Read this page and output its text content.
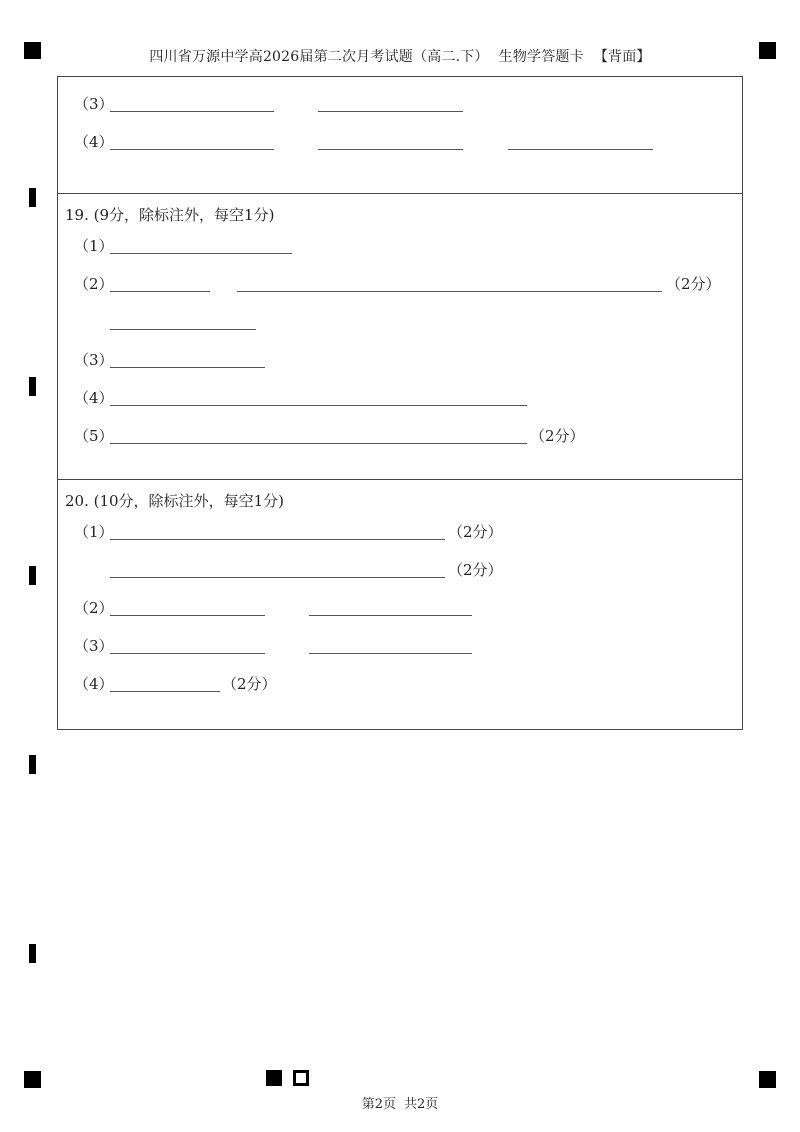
四川省万源中学高2026届第二次月考试题（高二.下） 生物学答题卡 【背面】
（3）
（4）
19. (9分，除标注外，每空1分)
（1）
（2）	（2分）
（3）
（4）
（5）	（2分）
20. (10分，除标注外，每空1分)
（1）	（2分）
（2分）
（2）
（3）
（4）	（2分）
第2页 共2页
